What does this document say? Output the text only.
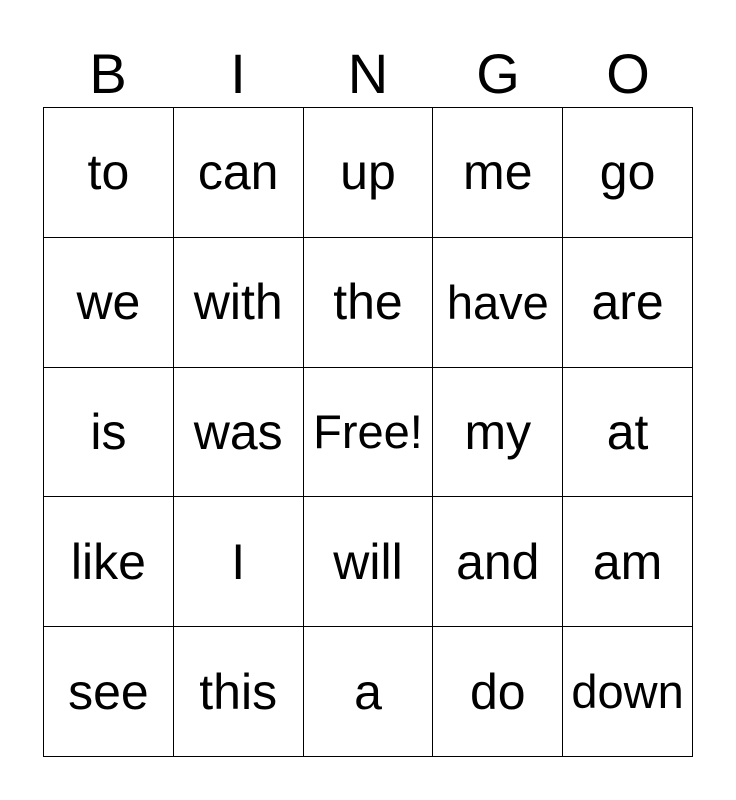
B	I	N	G	O
to can up me go
we with the have are
is was Free! my at
like I will and am
see this a do down
